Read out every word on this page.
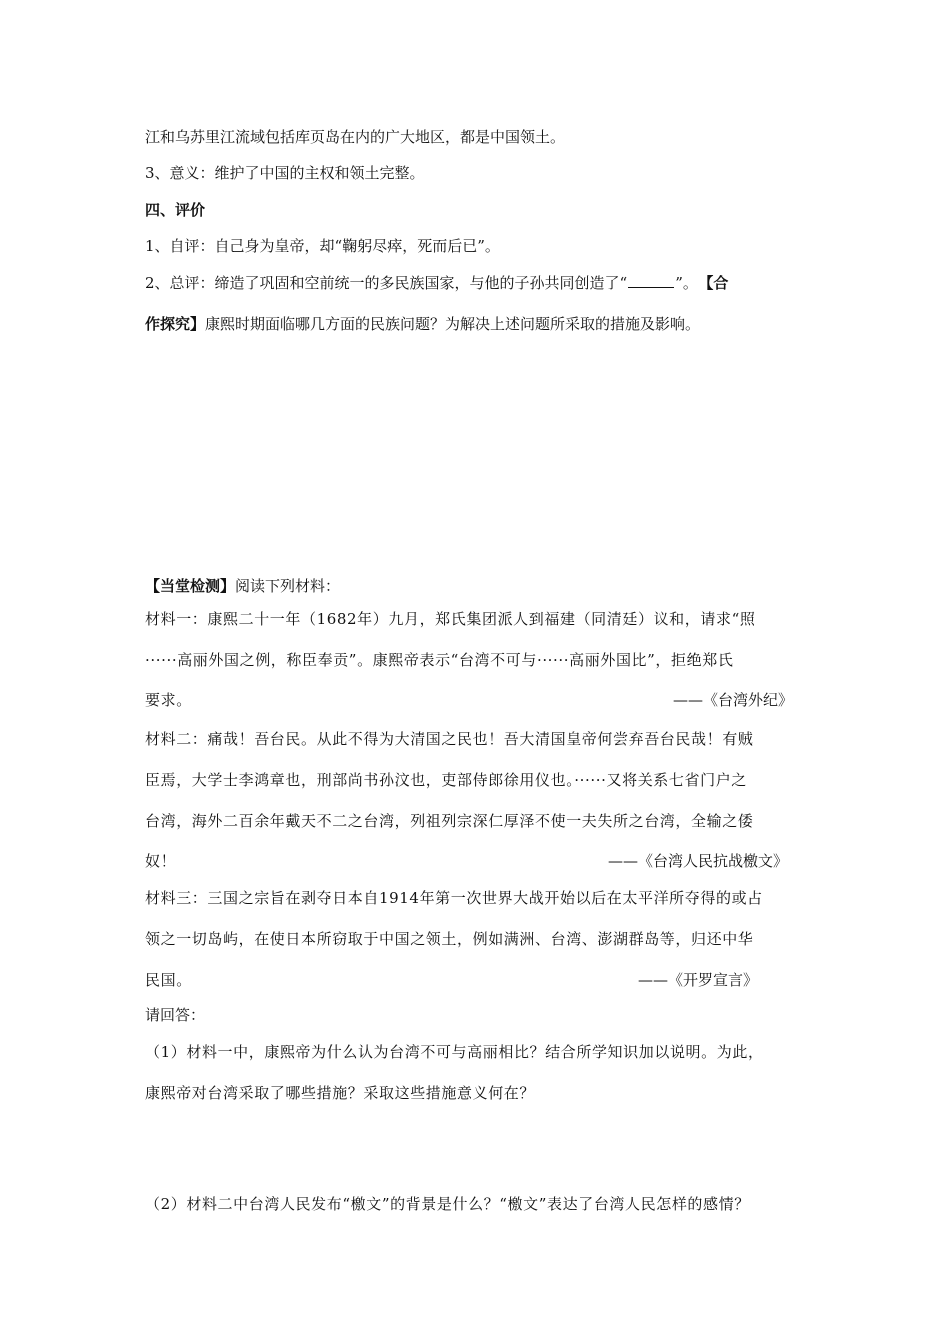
江和乌苏里江流域包括库页岛在内的广大地区，都是中国领土。
3、意义：维护了中国的主权和领土完整。
四、评价
1、自评：自己身为皇帝，却“鞠躬尽瘁，死而后已”。
2、总评：缔造了巩固和空前统一的多民族国家，与他的子孙共同创造了“	”。 【合
作探究】康熙时期面临哪几方面的民族问题？为解决上述问题所采取的措施及影响。
【当堂检测】阅读下列材料：
材料一：康熙二十一年（1682年）九月，郑氏集团派人到福建（同清廷）议和，请求“照
······高丽外国之例，称臣奉贡”。康熙帝表示“台湾不可与······高丽外国比”，拒绝郑氏
要求。	——《台湾外纪》
材料二：痛哉！吾台民。从此不得为大清国之民也！吾大清国皇帝何尝弃吾台民哉！有贼
臣焉，大学士李鸿章也，刑部尚书孙汶也，吏部侍郎徐用仪也。······又将关系七省门户之
台湾，海外二百余年戴天不二之台湾，列祖列宗深仁厚泽不使一夫失所之台湾，全输之倭
奴！	——《台湾人民抗战檄文》
材料三：三国之宗旨在剥夺日本自1914年第一次世界大战开始以后在太平洋所夺得的或占
领之一切岛屿，在使日本所窃取于中国之领土，例如满洲、台湾、澎湖群岛等，归还中华
民国。	——《开罗宣言》
请回答：
（1）材料一中，康熙帝为什么认为台湾不可与高丽相比？结合所学知识加以说明。为此，
康熙帝对台湾采取了哪些措施？采取这些措施意义何在？
（2）材料二中台湾人民发布“檄文”的背景是什么？“檄文”表达了台湾人民怎样的感情？
